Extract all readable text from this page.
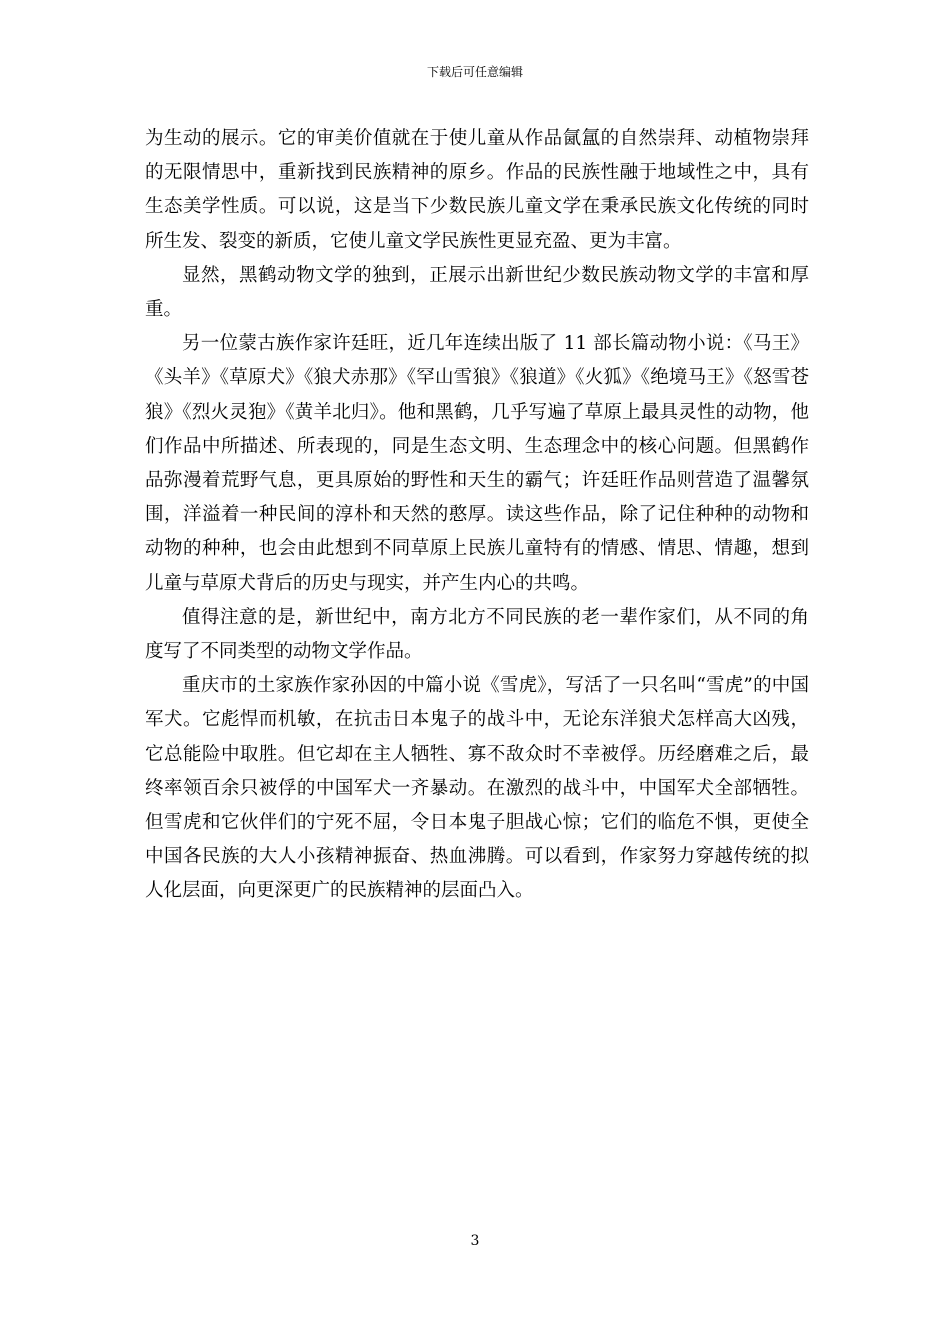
下载后可任意编辑

为生动的展示。它的审美价值就在于使儿童从作品氤氲的自然崇拜、动植物崇拜的无限情思中，重新找到民族精神的原乡。作品的民族性融于地域性之中，具有生态美学性质。可以说，这是当下少数民族儿童文学在秉承民族文化传统的同时所生发、裂变的新质，它使儿童文学民族性更显充盈、更为丰富。

显然，黑鹤动物文学的独到，正展示出新世纪少数民族动物文学的丰富和厚重。

另一位蒙古族作家许廷旺，近几年连续出版了 11 部长篇动物小说：《马王》《头羊》《草原犬》《狼犬赤那》《罕山雪狼》《狼道》《火狐》《绝境马王》《怒雪苍狼》《烈火灵狍》《黄羊北归》。他和黑鹤，几乎写遍了草原上最具灵性的动物，他们作品中所描述、所表现的，同是生态文明、生态理念中的核心问题。但黑鹤作品弥漫着荒野气息，更具原始的野性和天生的霸气；许廷旺作品则营造了温馨氛围，洋溢着一种民间的淳朴和天然的憨厚。读这些作品，除了记住种种的动物和动物的种种，也会由此想到不同草原上民族儿童特有的情感、情思、情趣，想到儿童与草原犬背后的历史与现实，并产生内心的共鸣。

值得注意的是，新世纪中，南方北方不同民族的老一辈作家们，从不同的角度写了不同类型的动物文学作品。

重庆市的土家族作家孙因的中篇小说《雪虎》，写活了一只名叫“雪虎”的中国军犬。它彪悍而机敏，在抗击日本鬼子的战斗中，无论东洋狼犬怎样高大凶残，它总能险中取胜。但它却在主人牺牲、寡不敌众时不幸被俘。历经磨难之后，最终率领百余只被俘的中国军犬一齐暴动。在激烈的战斗中，中国军犬全部牺牲。但雪虎和它伙伴们的宁死不屈，令日本鬼子胆战心惊；它们的临危不惧，更使全中国各民族的大人小孩精神振奋、热血沸腾。可以看到，作家努力穿越传统的拟人化层面，向更深更广的民族精神的层面凸入。

3
